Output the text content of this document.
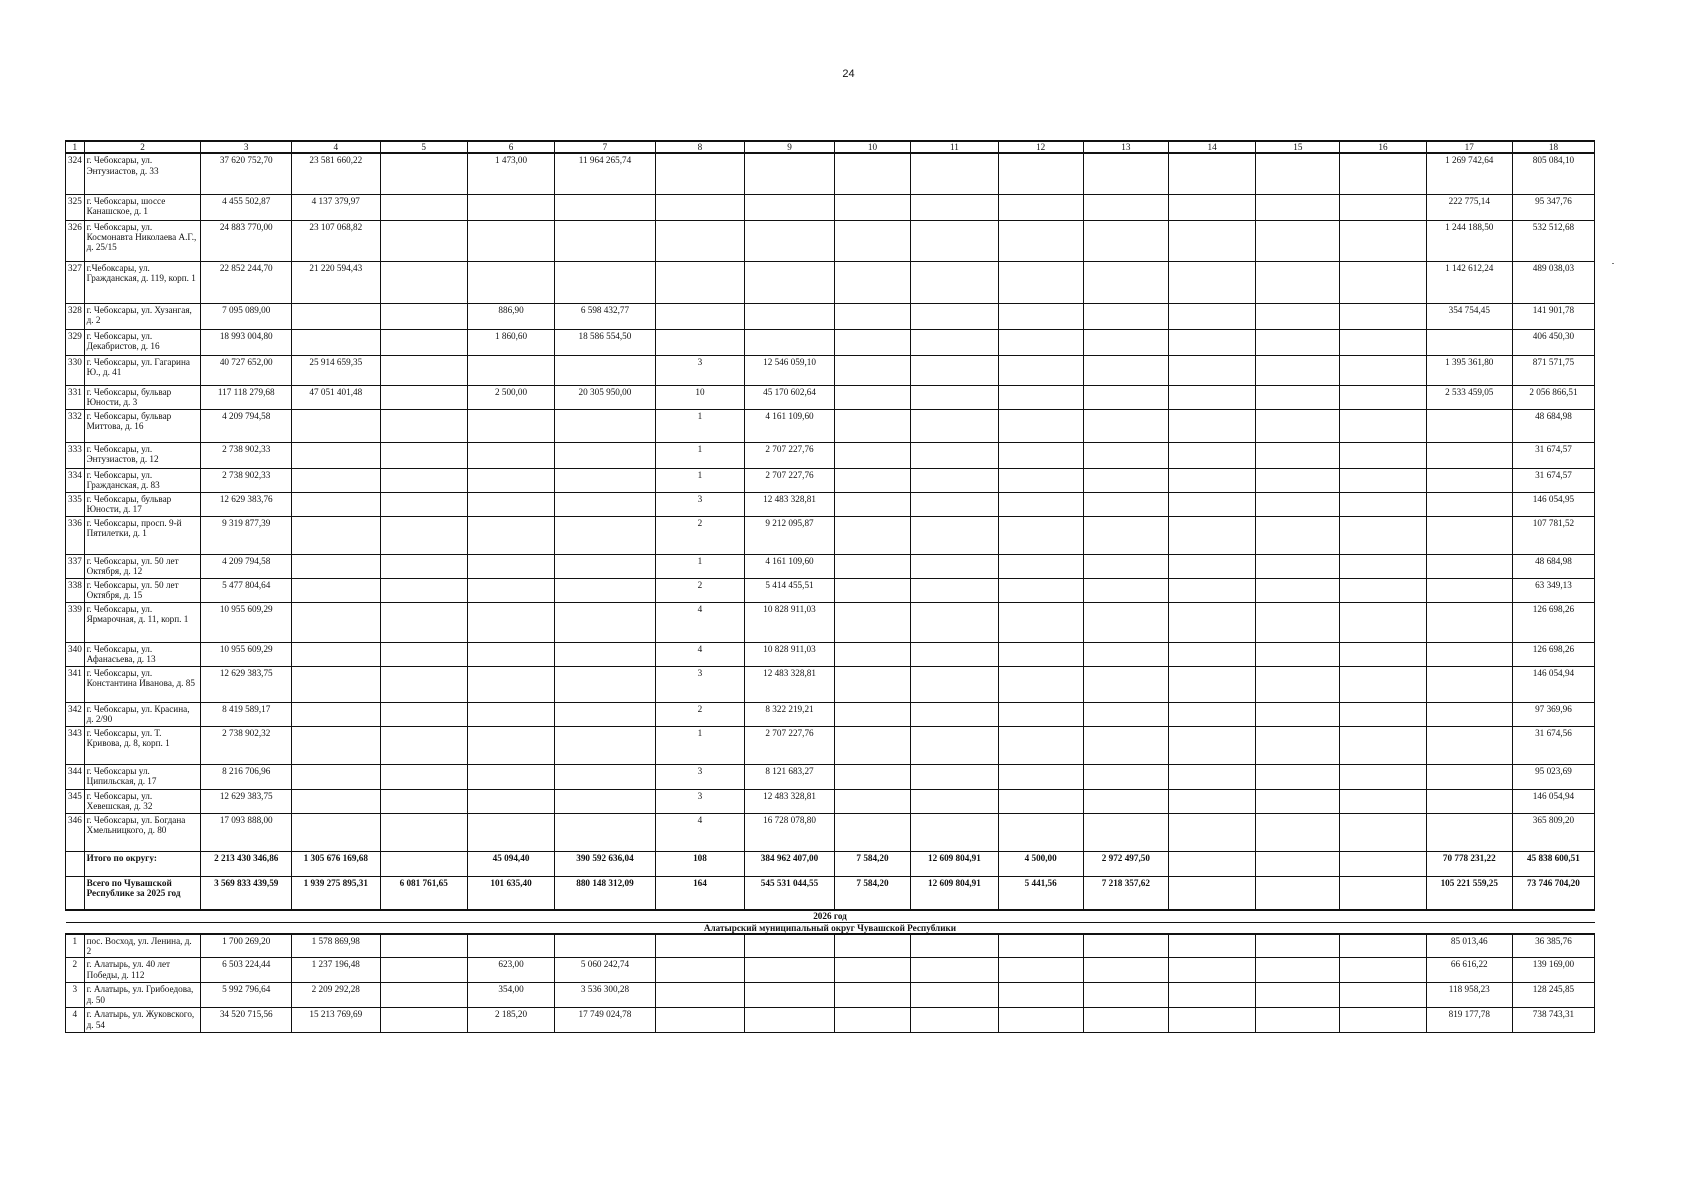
24
1	2	3	4	5	6	7	8	9	10	11	12	13	14	15	16	17	18
324	г. Чебоксары, ул. Энтузиастов, д. 33	37 620 752,70	23 581 660,22		1 473,00	11 964 265,74										1 269 742,64	805 084,10
325	г. Чебоксары, шоссе Канашское, д. 1	4 455 502,87	4 137 379,97													222 775,14	95 347,76
326	г. Чебоксары, ул. Космонавта Николаева А.Г., д. 25/15	24 883 770,00	23 107 068,82													1 244 188,50	532 512,68
327	г.Чебоксары, ул. Гражданская, д. 119, корп. 1	22 852 244,70	21 220 594,43													1 142 612,24	489 038,03
328	г. Чебоксары, ул. Хузангая, д. 2	7 095 089,00			886,90	6 598 432,77										354 754,45	141 901,78
329	г. Чебоксары, ул. Декабристов, д. 16	18 993 004,80			1 860,60	18 586 554,50											406 450,30
330	г. Чебоксары, ул. Гагарина Ю., д. 41	40 727 652,00	25 914 659,35				3	12 546 059,10								1 395 361,80	871 571,75
331	г. Чебоксары, бульвар Юности, д. 3	117 118 279,68	47 051 401,48		2 500,00	20 305 950,00	10	45 170 602,64								2 533 459,05	2 056 866,51
332	г. Чебоксары, бульвар Миттова, д. 16	4 209 794,58					1	4 161 109,60									48 684,98
333	г. Чебоксары, ул. Энтузиастов, д. 12	2 738 902,33					1	2 707 227,76									31 674,57
334	г. Чебоксары, ул. Гражданская, д. 83	2 738 902,33					1	2 707 227,76									31 674,57
335	г. Чебоксары, бульвар Юности, д. 17	12 629 383,76					3	12 483 328,81									146 054,95
336	г. Чебоксары, просп. 9-й Пятилетки, д. 1	9 319 877,39					2	9 212 095,87									107 781,52
337	г. Чебоксары, ул. 50 лет Октября, д. 12	4 209 794,58					1	4 161 109,60									48 684,98
338	г. Чебоксары, ул. 50 лет Октября, д. 15	5 477 804,64					2	5 414 455,51									63 349,13
339	г. Чебоксары, ул. Ярмарочная, д. 11, корп. 1	10 955 609,29					4	10 828 911,03									126 698,26
340	г. Чебоксары, ул. Афанасьева, д. 13	10 955 609,29					4	10 828 911,03									126 698,26
341	г. Чебоксары, ул. Константина Иванова, д. 85	12 629 383,75					3	12 483 328,81									146 054,94
342	г. Чебоксары, ул. Красина, д. 2/90	8 419 589,17					2	8 322 219,21									97 369,96
343	г. Чебоксары, ул. Т. Кривова, д. 8, корп. 1	2 738 902,32					1	2 707 227,76									31 674,56
344	г. Чебоксары ул. Ципильская, д. 17	8 216 706,96					3	8 121 683,27									95 023,69
345	г. Чебоксары, ул. Хевешская, д. 32	12 629 383,75					3	12 483 328,81									146 054,94
346	г. Чебоксары, ул. Богдана Хмельницкого, д. 80	17 093 888,00					4	16 728 078,80									365 809,20
	Итого по округу:	2 213 430 346,86	1 305 676 169,68		45 094,40	390 592 636,04	108	384 962 407,00	7 584,20	12 609 804,91	4 500,00	2 972 497,50				70 778 231,22	45 838 600,51
	Всего по Чувашской Республике за 2025 год	3 569 833 439,59	1 939 275 895,31	6 081 761,65	101 635,40	880 148 312,09	164	545 531 044,55	7 584,20	12 609 804,91	5 441,56	7 218 357,62				105 221 559,25	73 746 704,20
2026 год																	
Алатырский муниципальный округ Чувашской Республики																	
1	пос. Восход, ул. Ленина, д. 2	1 700 269,20	1 578 869,98													85 013,46	36 385,76
2	г. Алатырь, ул. 40 лет Победы, д. 112	6 503 224,44	1 237 196,48		623,00	5 060 242,74										66 616,22	139 169,00
3	г. Алатырь, ул. Грибоедова, д. 50	5 992 796,64	2 209 292,28		354,00	3 536 300,28										118 958,23	128 245,85
4	г. Алатырь, ул. Жуковского, д. 54	34 520 715,56	15 213 769,69		2 185,20	17 749 024,78										819 177,78	738 743,31
